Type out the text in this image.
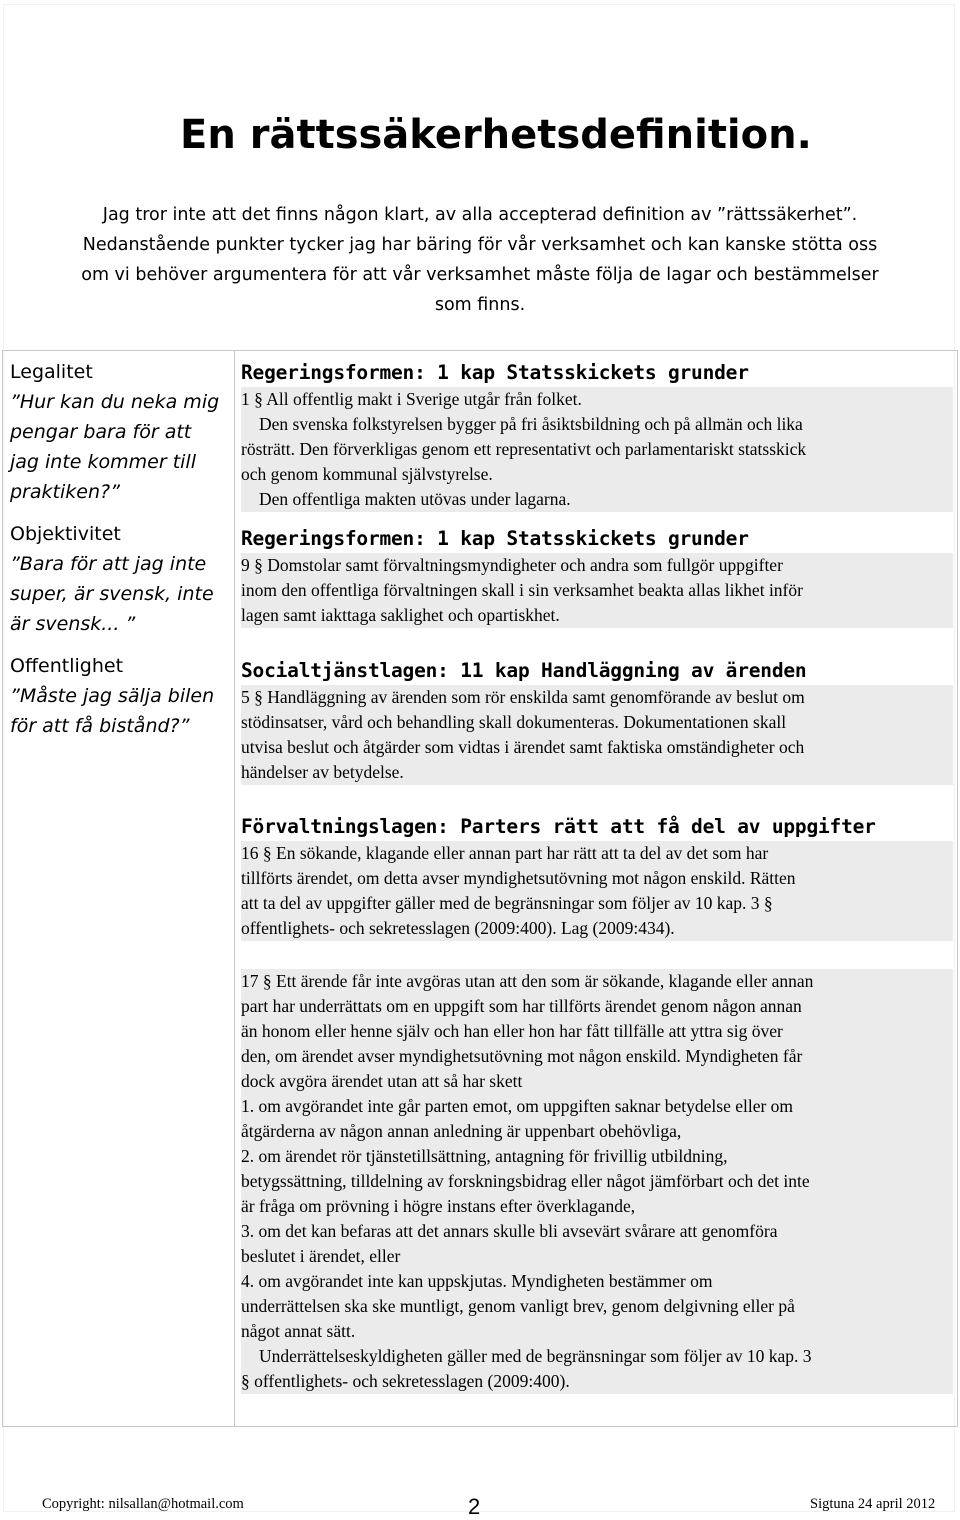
En rättssäkerhetsdefinition.

Jag tror inte att det finns någon klart, av alla accepterad definition av ”rättssäkerhet”.
Nedanstående punkter tycker jag har bäring för vår verksamhet och kan kanske stötta oss
om vi behöver argumentera för att vår verksamhet måste följa de lagar och bestämmelser
som finns.

Legalitet
”Hur kan du neka mig
pengar bara för att
jag inte kommer till
praktiken?”
Objektivitet
”Bara för att jag inte
super, är svensk, inte
är svensk... ”
Offentlighet
”Måste jag sälja bilen
för att få bistånd?”
Regeringsformen: 1 kap Statsskickets grunder
1 § All offentlig makt i Sverige utgår från folket.
Den svenska folkstyrelsen bygger på fri åsiktsbildning och på allmän och lika
rösträtt. Den förverkligas genom ett representativt och parlamentariskt statsskick
och genom kommunal självstyrelse.
Den offentliga makten utövas under lagarna.
Regeringsformen: 1 kap Statsskickets grunder
9 § Domstolar samt förvaltningsmyndigheter och andra som fullgör uppgifter
inom den offentliga förvaltningen skall i sin verksamhet beakta allas likhet inför
lagen samt iakttaga saklighet och opartiskhet.
Socialtjänstlagen: 11 kap Handläggning av ärenden
5 § Handläggning av ärenden som rör enskilda samt genomförande av beslut om
stödinsatser, vård och behandling skall dokumenteras. Dokumentationen skall
utvisa beslut och åtgärder som vidtas i ärendet samt faktiska omständigheter och
händelser av betydelse.
Förvaltningslagen: Parters rätt att få del av uppgifter
16 § En sökande, klagande eller annan part har rätt att ta del av det som har
tillförts ärendet, om detta avser myndighetsutövning mot någon enskild. Rätten
att ta del av uppgifter gäller med de begränsningar som följer av 10 kap. 3 §
offentlighets- och sekretesslagen (2009:400). Lag (2009:434).
17 § Ett ärende får inte avgöras utan att den som är sökande, klagande eller annan
part har underrättats om en uppgift som har tillförts ärendet genom någon annan
än honom eller henne själv och han eller hon har fått tillfälle att yttra sig över
den, om ärendet avser myndighetsutövning mot någon enskild. Myndigheten får
dock avgöra ärendet utan att så har skett
1. om avgörandet inte går parten emot, om uppgiften saknar betydelse eller om
åtgärderna av någon annan anledning är uppenbart obehövliga,
2. om ärendet rör tjänstetillsättning, antagning för frivillig utbildning,
betygssättning, tilldelning av forskningsbidrag eller något jämförbart och det inte
är fråga om prövning i högre instans efter överklagande,
3. om det kan befaras att det annars skulle bli avsevärt svårare att genomföra
beslutet i ärendet, eller
4. om avgörandet inte kan uppskjutas. Myndigheten bestämmer om
underrättelsen ska ske muntligt, genom vanligt brev, genom delgivning eller på
något annat sätt.
Underrättelseskyldigheten gäller med de begränsningar som följer av 10 kap. 3
§ offentlighets- och sekretesslagen (2009:400).
Copyright: nilsallan@hotmail.com	2	Sigtuna 24 april 2012
